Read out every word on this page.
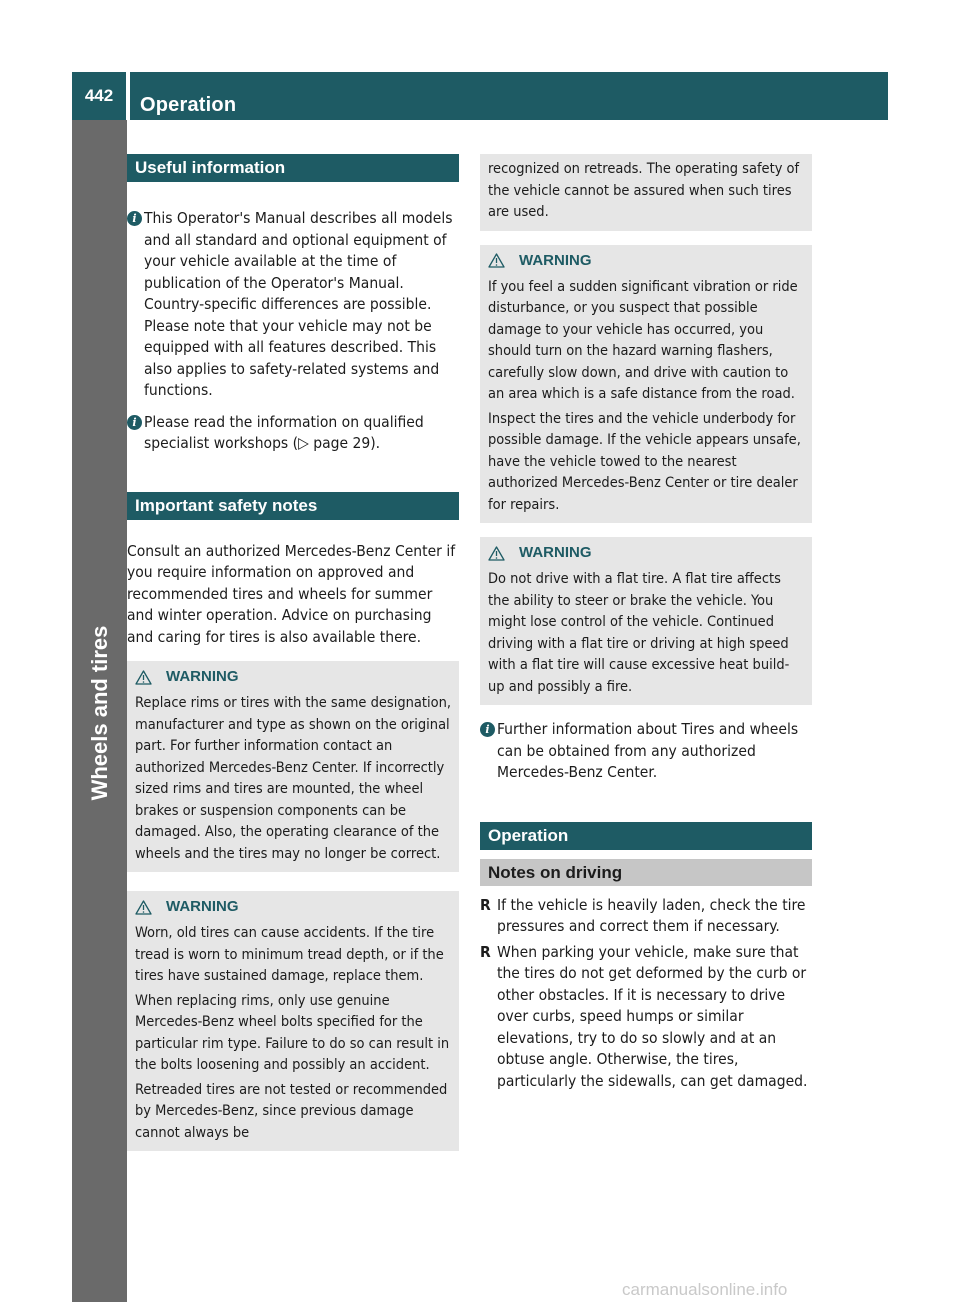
442	Operation
Wheels and tires
Useful information
i This Operator's Manual describes all models and all standard and optional equipment of your vehicle available at the time of publication of the Operator's Manual. Country-specific differences are possible. Please note that your vehicle may not be equipped with all features described. This also applies to safety-related systems and functions.
i Please read the information on qualified specialist workshops (▷ page 29).
Important safety notes

Consult an authorized Mercedes-Benz Center if you require information on approved and recommended tires and wheels for summer and winter operation. Advice on purchasing and caring for tires is also available there.

WARNING

Replace rims or tires with the same designation, manufacturer and type as shown on the original part. For further information contact an authorized Mercedes-Benz Center. If incorrectly sized rims and tires are mounted, the wheel brakes or suspension components can be damaged. Also, the operating clearance of the wheels and the tires may no longer be correct.

WARNING

Worn, old tires can cause accidents. If the tire tread is worn to minimum tread depth, or if the tires have sustained damage, replace them.

When replacing rims, only use genuine Mercedes-Benz wheel bolts specified for the particular rim type. Failure to do so can result in the bolts loosening and possibly an accident.

Retreaded tires are not tested or recommended by Mercedes-Benz, since previous damage cannot always be

recognized on retreads. The operating safety of the vehicle cannot be assured when such tires are used.

WARNING

If you feel a sudden significant vibration or ride disturbance, or you suspect that possible damage to your vehicle has occurred, you should turn on the hazard warning flashers, carefully slow down, and drive with caution to an area which is a safe distance from the road.

Inspect the tires and the vehicle underbody for possible damage. If the vehicle appears unsafe, have the vehicle towed to the nearest authorized Mercedes-Benz Center or tire dealer for repairs.

WARNING

Do not drive with a flat tire. A flat tire affects the ability to steer or brake the vehicle. You might lose control of the vehicle. Continued driving with a flat tire or driving at high speed with a flat tire will cause excessive heat build-up and possibly a fire.

i Further information about Tires and wheels can be obtained from any authorized Mercedes-Benz Center.
Operation
Notes on driving
R If the vehicle is heavily laden, check the tire pressures and correct them if necessary.
R When parking your vehicle, make sure that the tires do not get deformed by the curb or other obstacles. If it is necessary to drive over curbs, speed humps or similar elevations, try to do so slowly and at an obtuse angle. Otherwise, the tires, particularly the sidewalls, can get damaged.
carmanualsonline.info
